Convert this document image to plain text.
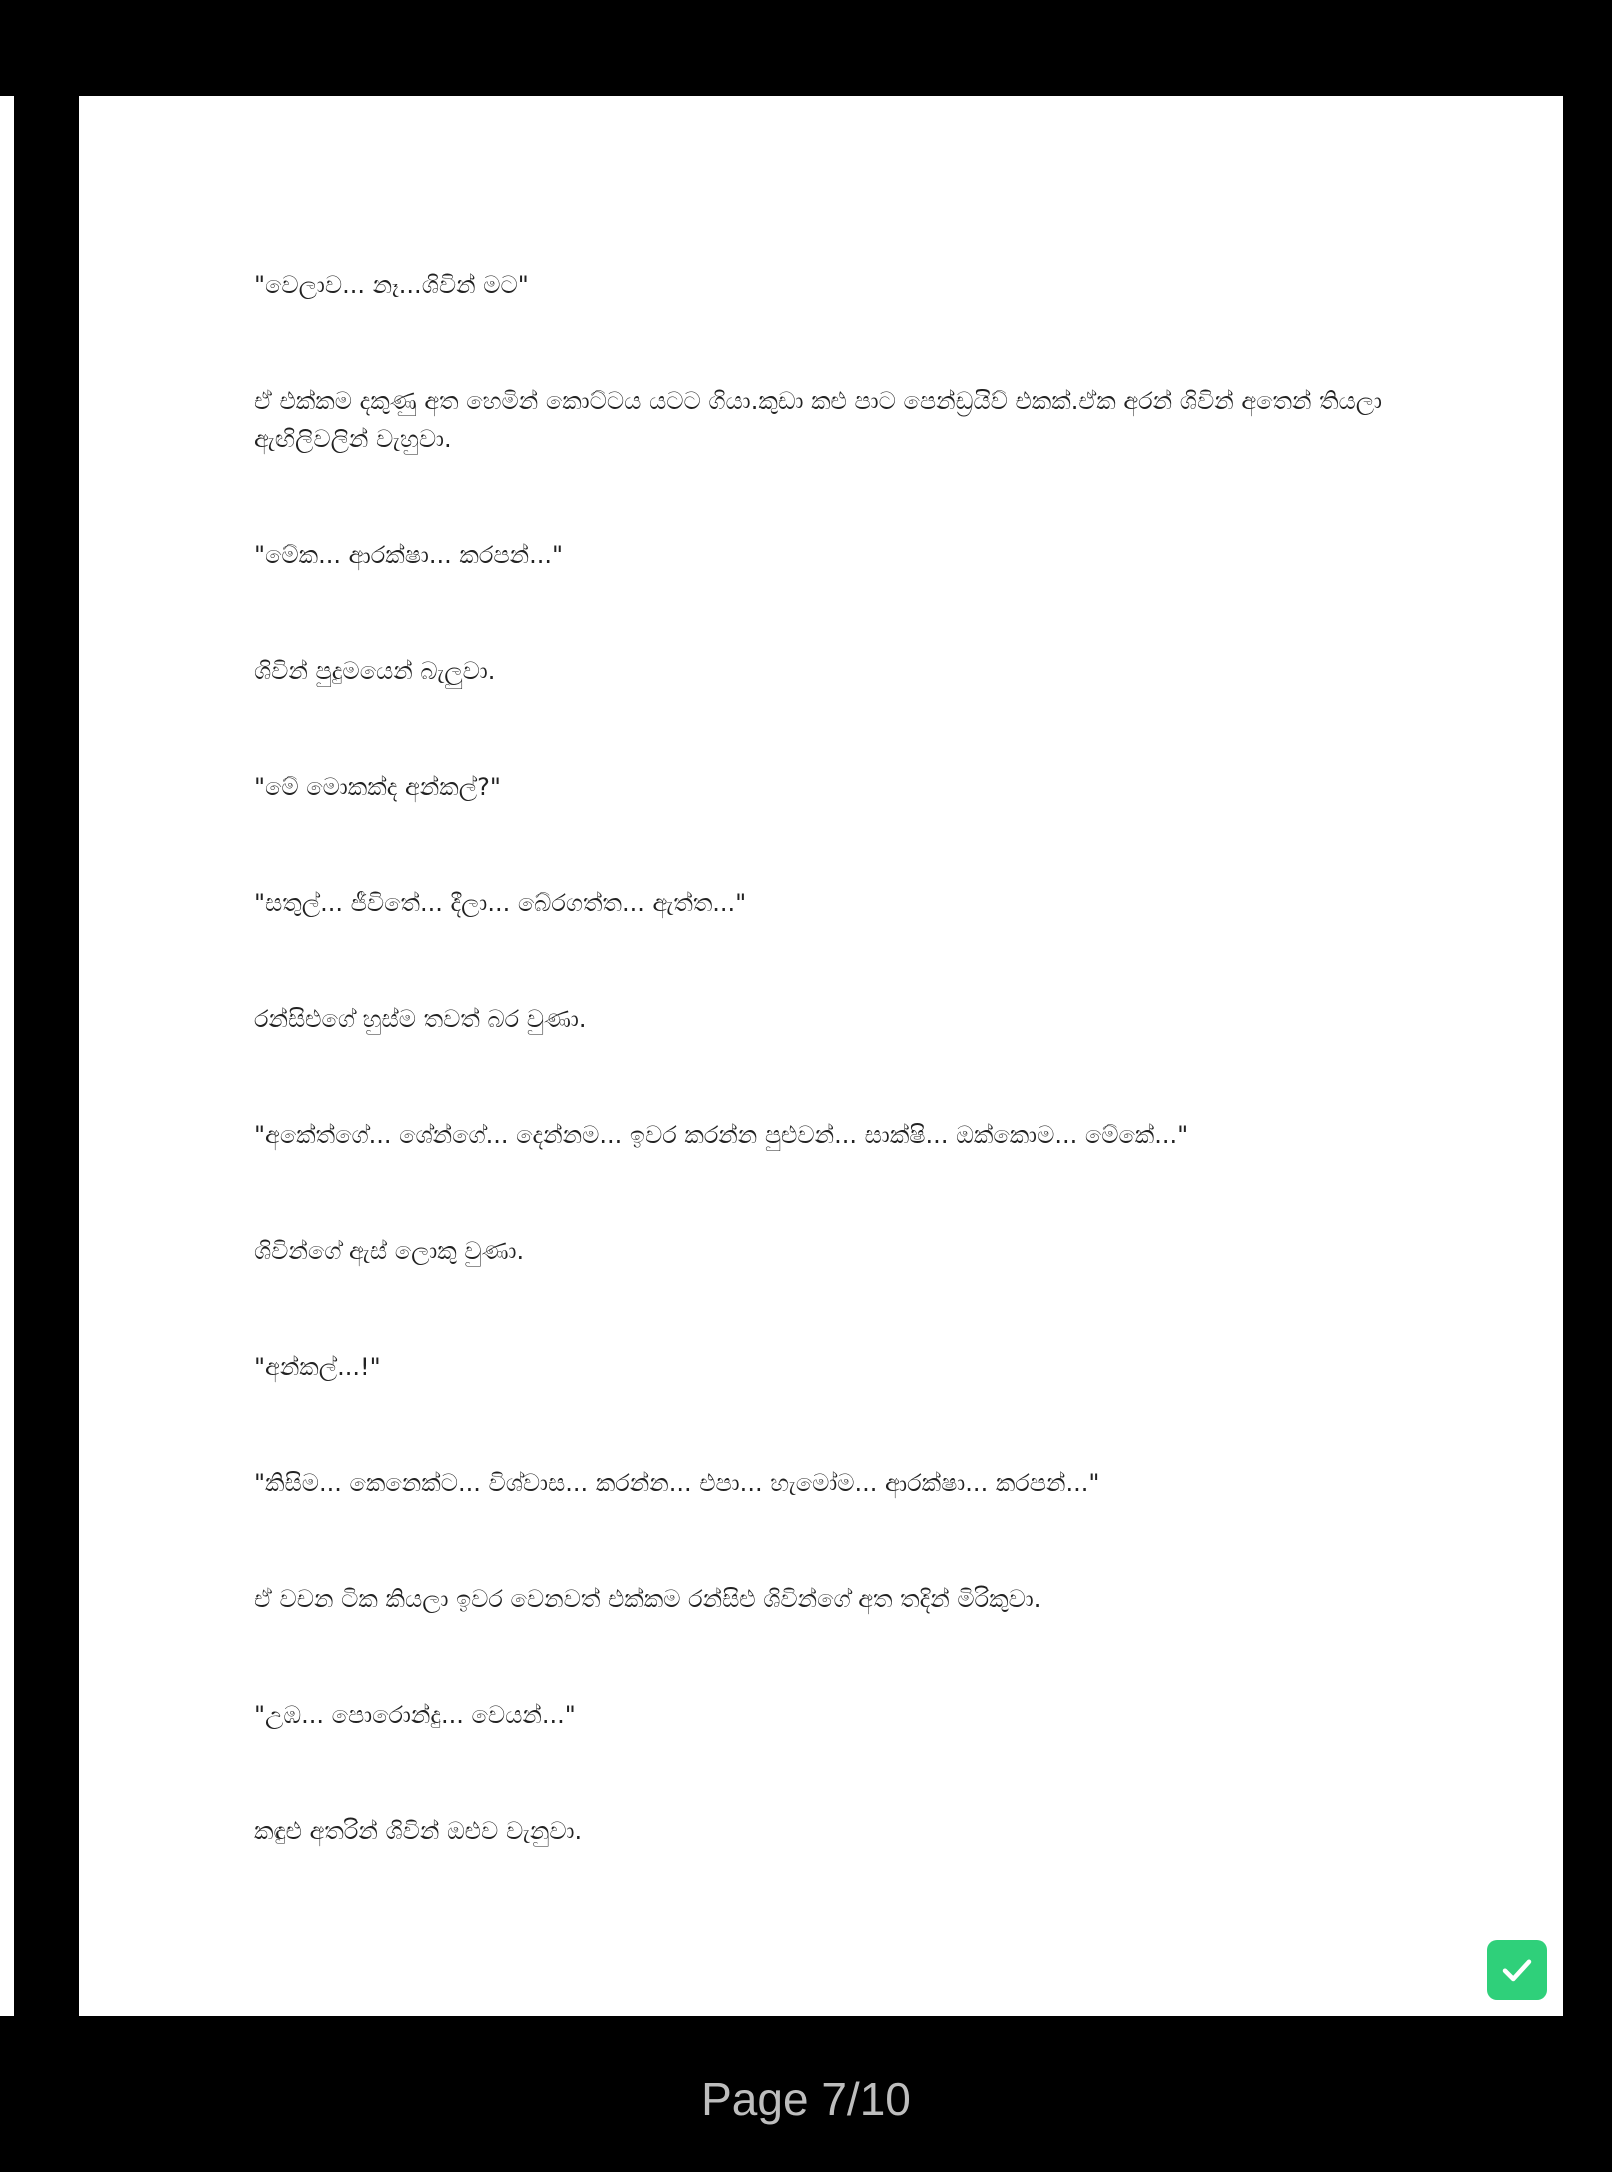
"වෙලාව... නෑ...ශිවින් මට"

ඒ එක්කම දකුණු අත හෙමින් කොට්ටය යටට ගියා.කුඩා කළු පාට පෙන්ඩ්‍රයිව් එකක්.ඒක අරන් ශිවින් අතෙන් තියලා ඇඟිලිවලින් වැහුවා.

"මේක... ආරක්ෂා... කරපන්..."

ශිවින් පුදුමයෙන් බැලුවා.

"මේ මොකක්ද අන්කල්?"

"සතුල්... ජීවිතේ... දීලා... බේරගත්ත... ඇත්ත..."

රන්සිළුගේ හුස්ම තවත් බර වුණා.

"අකේත්ගේ... ශේන්ගේ... දෙන්නම... ඉවර කරන්න පුළුවන්... සාක්ෂි... ඔක්කොම... මේකේ..."

ශිවින්ගේ ඇස් ලොකු වුණා.

"අන්කල්...!"

"කිසිම... කෙනෙක්ට... විශ්වාස... කරන්න... එපා... හැමෝම... ආරක්ෂා... කරපන්..."

ඒ වචන ටික කියලා ඉවර වෙනවත් එක්කම රන්සිළු ශිවින්ගේ අත තදින් මිරිකුවා.

"උඹ... පොරොන්දු... වෙයන්..."

කඳුළු අතරින් ශිවින් ඔළුව වැනුවා.

Page 7/10
